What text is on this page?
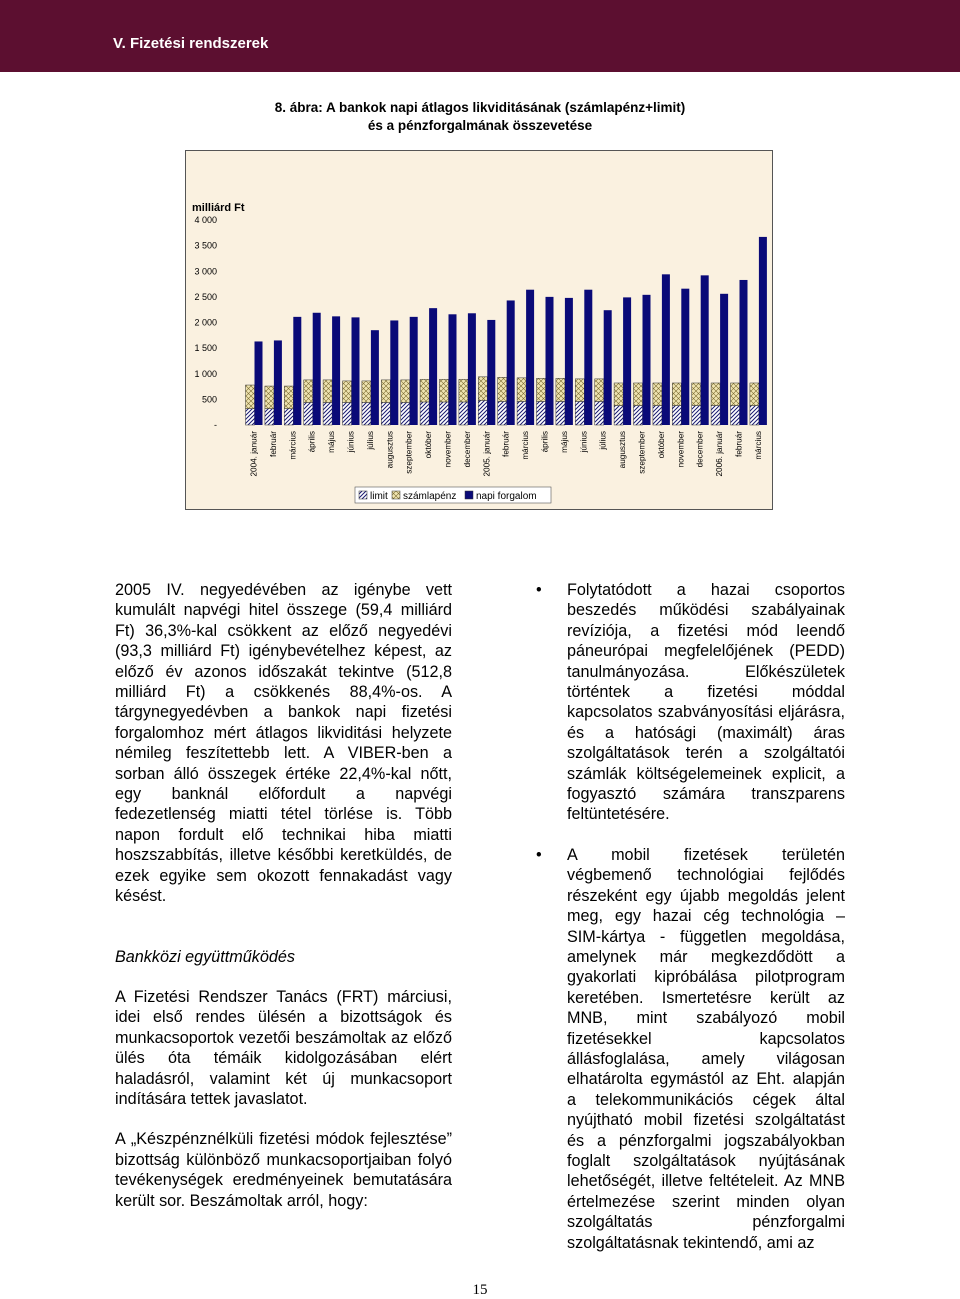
V. Fizetési rendszerek
8. ábra: A bankok napi átlagos likviditásának (számlapénz+limit)
és a pénzforgalmának összevetése
milliárd Ft
-
500
1 000
1 500
2 000
2 500
3 000
3 500
4 000
2004. január február március április május június július augusztus szeptember október november december 2005. január február március április május június július augusztus szeptember október november december 2006. január február március
limit számlapénz napi forgalom

2005 IV. negyedévében az igénybe vett kumulált napvégi hitel összege (59,4 milliárd Ft) 36,3%-kal csökkent az előző negyedévi (93,3 milliárd Ft) igénybevételhez képest, az előző év azonos időszakát tekintve (512,8 milliárd Ft) a csökkenés 88,4%-os. A tárgynegyedévben a bankok napi fizetési forgalomhoz mért átlagos likviditási helyzete némileg feszítettebb lett. A VIBER-ben a sorban álló összegek értéke 22,4%-kal nőtt, egy banknál előfordult a napvégi fedezetlenség miatti tétel törlése is. Több napon fordult elő technikai hiba miatti hoszszabbítás, illetve későbbi keretküldés, de ezek egyike sem okozott fennakadást vagy késést.

Bankközi együttműködés

A Fizetési Rendszer Tanács (FRT) márciusi, idei első rendes ülésén a bizottságok és munkacsoportok vezetői beszámoltak az előző ülés óta témáik kidolgozásában elért haladásról, valamint két új munkacsoport indítására tettek javaslatot.

A „Készpénznélküli fizetési módok fejlesztése” bizottság különböző munkacsoportjaiban folyó tevékenységek eredményeinek bemutatására került sor. Beszámoltak arról, hogy:

• Folytatódott a hazai csoportos beszedés működési szabályainak revíziója, a fizetési mód leendő páneurópai megfelelőjének (PEDD) tanulmányozása. Előkészületek történtek a fizetési móddal kapcsolatos szabványosítási eljárásra, és a hatósági (maximált) áras szolgáltatások terén a szolgáltatói számlák költségelemeinek explicit, a fogyasztó számára transzparens feltüntetésére.
• A mobil fizetések területén végbemenő technológiai fejlődés részeként egy újabb megoldás jelent meg, egy hazai cég technológia – SIM-kártya - független megoldása, amelynek már megkezdődött a gyakorlati kipróbálása pilotprogram keretében. Ismertetésre került az MNB, mint szabályozó mobil fizetésekkel kapcsolatos állásfoglalása, amely világosan elhatárolta egymástól az Eht. alapján a telekommunikációs cégek által nyújtható mobil fizetési szolgáltatást és a pénzforgalmi jogszabályokban foglalt szolgáltatások nyújtásának lehetőségét, illetve feltételeit. Az MNB értelmezése szerint minden olyan szolgáltatás pénzforgalmi szolgáltatásnak tekintendő, ami az
15
